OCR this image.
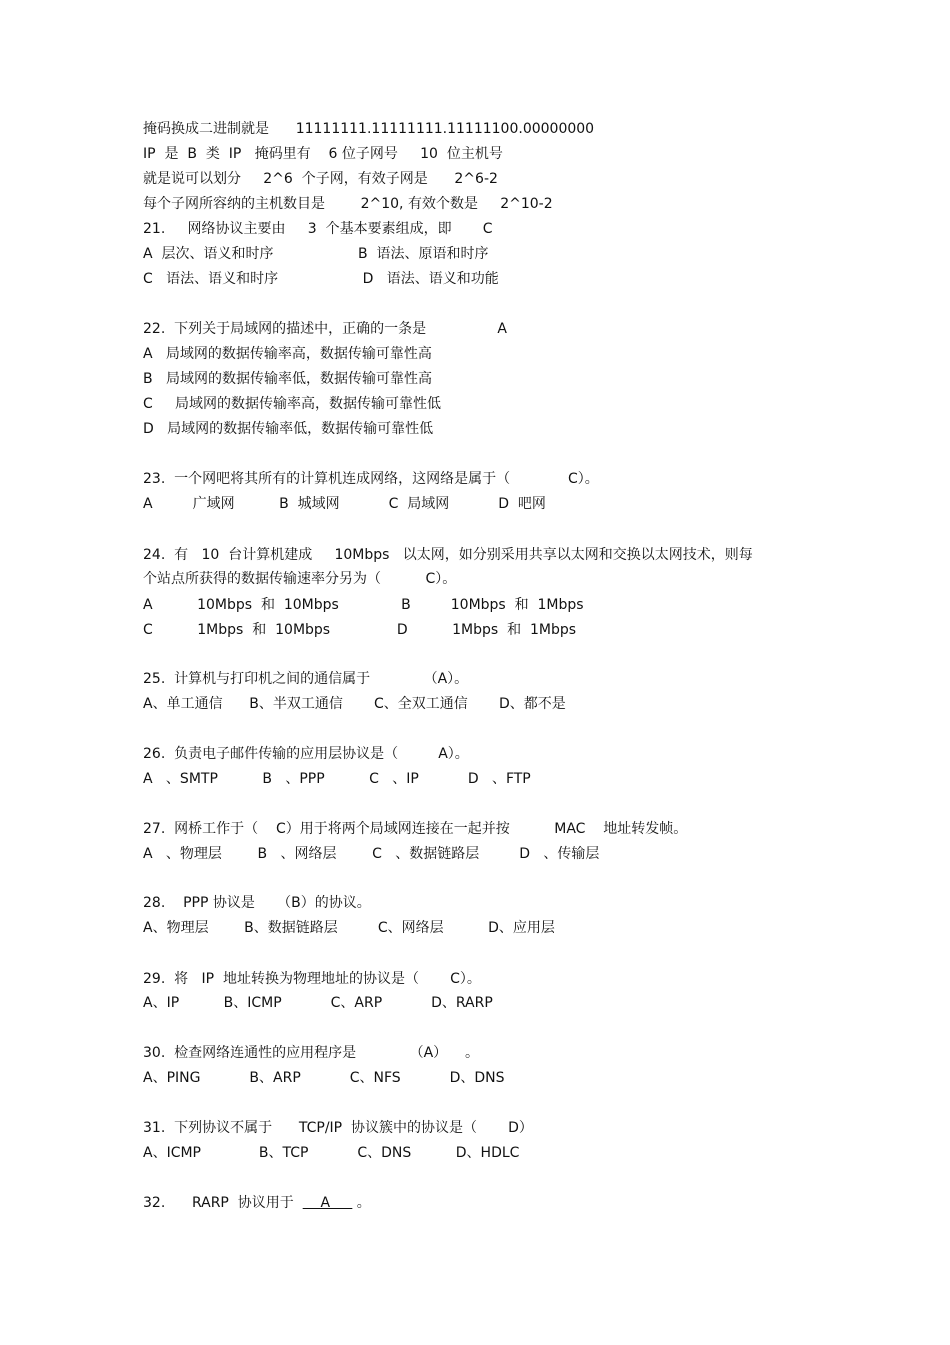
掩码换成二进制就是      11111111.11111111.11111100.00000000
IP  是  B  类  IP   掩码里有    6 位子网号     10  位主机号
就是说可以划分     2^6  个子网，有效子网是      2^6-2
每个子网所容纳的主机数目是        2^10, 有效个数是     2^10-2
21.     网络协议主要由     3  个基本要素组成，即       C
A  层次、语义和时序                   B  语法、原语和时序
C   语法、语义和时序                   D   语法、语义和功能
22.  下列关于局域网的描述中，正确的一条是                A
A   局域网的数据传输率高，数据传输可靠性高
B   局域网的数据传输率低，数据传输可靠性高
C     局域网的数据传输率高，数据传输可靠性低
D   局域网的数据传输率低，数据传输可靠性低
23.  一个网吧将其所有的计算机连成网络，这网络是属于（             C）。
A         广域网          B  城域网           C  局域网           D  吧网
24.  有   10  台计算机建成     10Mbps   以太网，如分别采用共享以太网和交换以太网技术，则每
个站点所获得的数据传输速率分另为（          C）。
A          10Mbps  和  10Mbps              B         10Mbps  和  1Mbps
C          1Mbps  和  10Mbps               D          1Mbps  和  1Mbps
25.  计算机与打印机之间的通信属于            （A）。
A、单工通信      B、半双工通信       C、全双工通信       D、都不是
26.  负责电子邮件传输的应用层协议是（         A）。
A   、SMTP          B   、PPP          C   、IP           D   、FTP
27.  网桥工作于（    C）用于将两个局域网连接在一起并按          MAC    地址转发帧。
A   、物理层        B   、网络层        C   、数据链路层         D   、传输层
28.    PPP 协议是     （B）的协议。
A、物理层        B、数据链路层         C、网络层          D、应用层
29.  将   IP  地址转换为物理地址的协议是（       C）。
A、IP          B、ICMP           C、ARP           D、RARP
30.  检查网络连通性的应用程序是            （A）    。
A、PING           B、ARP           C、NFS           D、DNS
31.  下列协议不属于      TCP/IP  协议簇中的协议是（       D）
A、ICMP             B、TCP           C、DNS          D、HDLC
32.      RARP  协议用于      A      。
